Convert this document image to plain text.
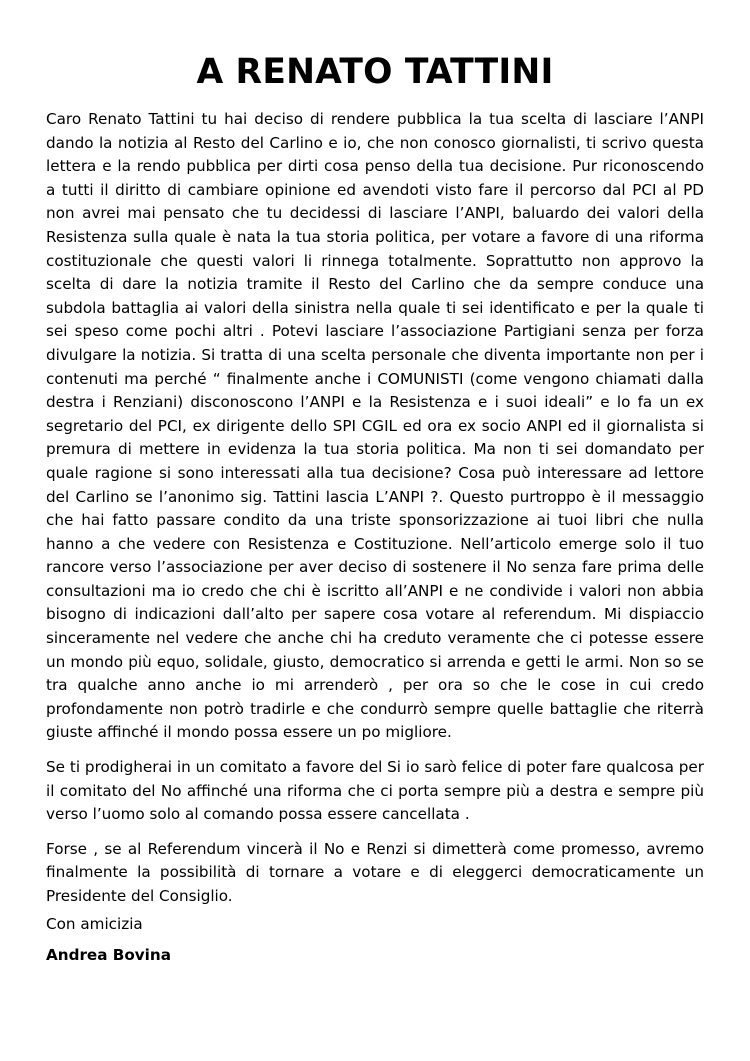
A RENATO TATTINI

Caro Renato Tattini tu hai deciso di rendere pubblica la tua scelta di lasciare l’ANPI dando la notizia al Resto del Carlino e io, che non conosco giornalisti, ti scrivo questa lettera e la rendo pubblica per dirti cosa penso della tua decisione. Pur riconoscendo a tutti il diritto di cambiare opinione ed avendoti visto fare il percorso dal PCI al PD non avrei mai pensato che tu decidessi di lasciare l’ANPI, baluardo dei valori della Resistenza sulla quale è nata la tua storia politica, per votare a favore di una riforma costituzionale che questi valori li rinnega totalmente. Soprattutto non approvo la scelta di dare la notizia tramite il Resto del Carlino che da sempre conduce una subdola battaglia ai valori della sinistra nella quale ti sei identificato e per la quale ti sei speso come pochi altri . Potevi lasciare l’associazione Partigiani senza per forza divulgare la notizia. Si tratta di una scelta personale che diventa importante non per i contenuti ma perché “ finalmente anche i COMUNISTI (come vengono chiamati dalla destra i Renziani) disconoscono l’ANPI e la Resistenza e i suoi ideali” e lo fa un ex segretario del PCI, ex dirigente dello SPI CGIL ed ora ex socio ANPI ed il giornalista si premura di mettere in evidenza la tua storia politica. Ma non ti sei domandato per quale ragione si sono interessati alla tua decisione? Cosa può interessare ad lettore del Carlino se l’anonimo sig. Tattini lascia L’ANPI ?. Questo purtroppo è il messaggio che hai fatto passare condito da una triste sponsorizzazione ai tuoi libri che nulla hanno a che vedere con Resistenza e Costituzione. Nell’articolo emerge solo il tuo rancore verso l’associazione per aver deciso di sostenere il No senza fare prima delle consultazioni ma io credo che chi è iscritto all’ANPI e ne condivide i valori non abbia bisogno di indicazioni dall’alto per sapere cosa votare al referendum. Mi dispiaccio sinceramente nel vedere che anche chi ha creduto veramente che ci potesse essere un mondo più equo, solidale, giusto, democratico si arrenda e getti le armi. Non so se tra qualche anno anche io mi arrenderò , per ora so che le cose in cui credo profondamente non potrò tradirle e che condurrò sempre quelle battaglie che riterrà giuste affinché il mondo possa essere un po migliore.

Se ti prodigherai in un comitato a favore del Si io sarò felice di poter fare qualcosa per il comitato del No affinché una riforma che ci porta sempre più a destra e sempre più verso l’uomo solo al comando possa essere cancellata .

Forse , se al Referendum vincerà il No e Renzi si dimetterà come promesso, avremo finalmente la possibilità di tornare a votare e di eleggerci democraticamente un Presidente del Consiglio.

Con amicizia
Andrea Bovina
